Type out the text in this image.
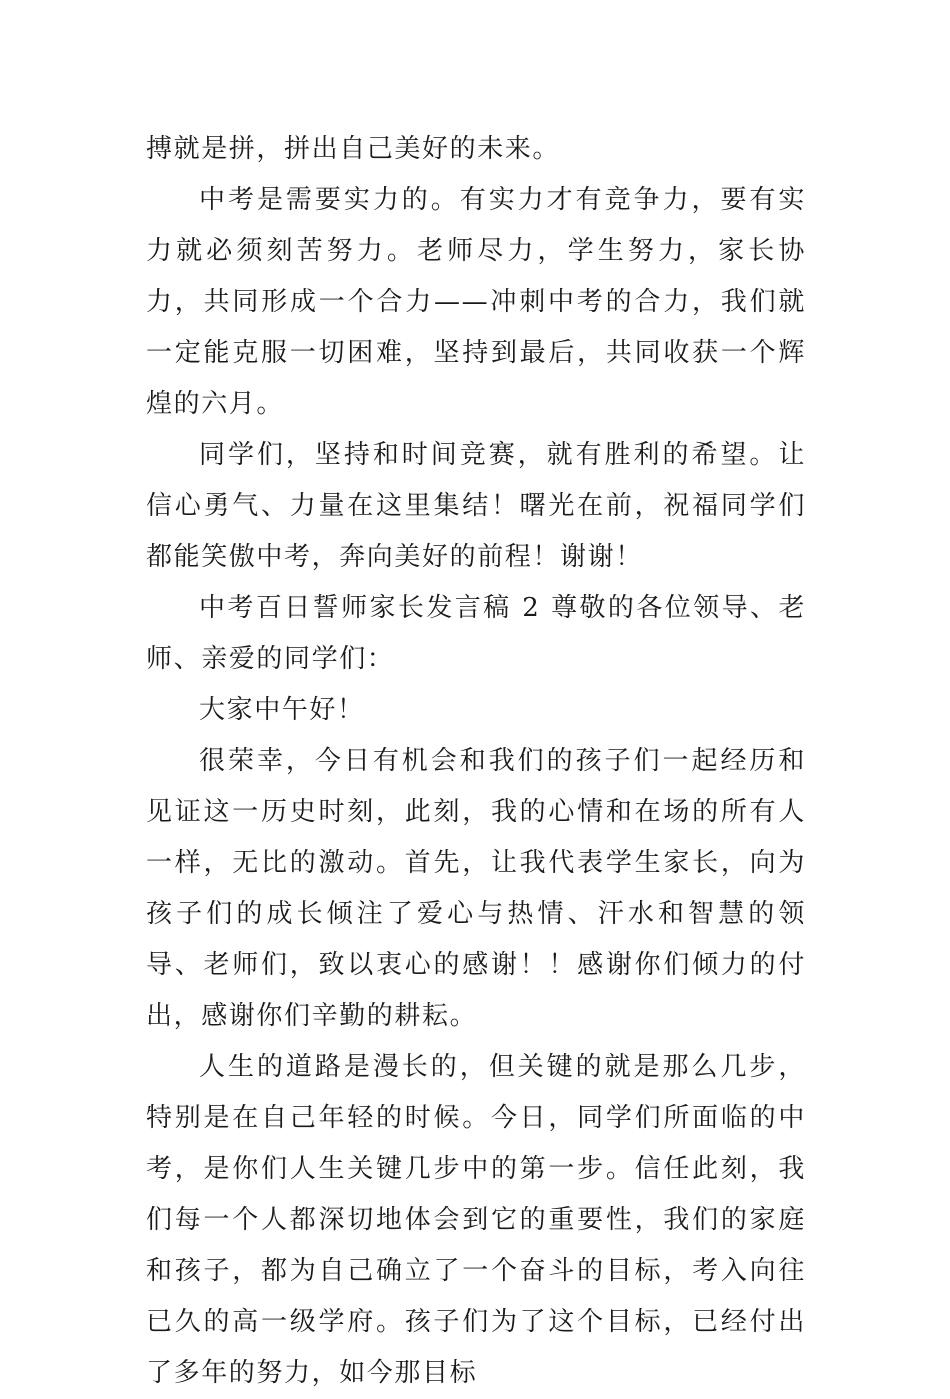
搏就是拼，拼出自己美好的未来。

中考是需要实力的。有实力才有竞争力，要有实力就必须刻苦努力。老师尽力，学生努力，家长协力，共同形成一个合力——冲刺中考的合力，我们就一定能克服一切困难，坚持到最后，共同收获一个辉煌的六月。

同学们，坚持和时间竞赛，就有胜利的希望。让信心勇气、力量在这里集结！曙光在前，祝福同学们都能笑傲中考，奔向美好的前程！谢谢！

中考百日誓师家长发言稿 2 尊敬的各位领导、老师、亲爱的同学们：

大家中午好！

很荣幸，今日有机会和我们的孩子们一起经历和见证这一历史时刻，此刻，我的心情和在场的所有人一样，无比的激动。首先，让我代表学生家长，向为孩子们的成长倾注了爱心与热情、汗水和智慧的领导、老师们，致以衷心的感谢！！感谢你们倾力的付出，感谢你们辛勤的耕耘。

人生的道路是漫长的，但关键的就是那么几步，特别是在自己年轻的时候。今日，同学们所面临的中考，是你们人生关键几步中的第一步。信任此刻，我们每一个人都深切地体会到它的重要性，我们的家庭和孩子，都为自己确立了一个奋斗的目标，考入向往已久的高一级学府。孩子们为了这个目标，已经付出了多年的努力，如今那目标
